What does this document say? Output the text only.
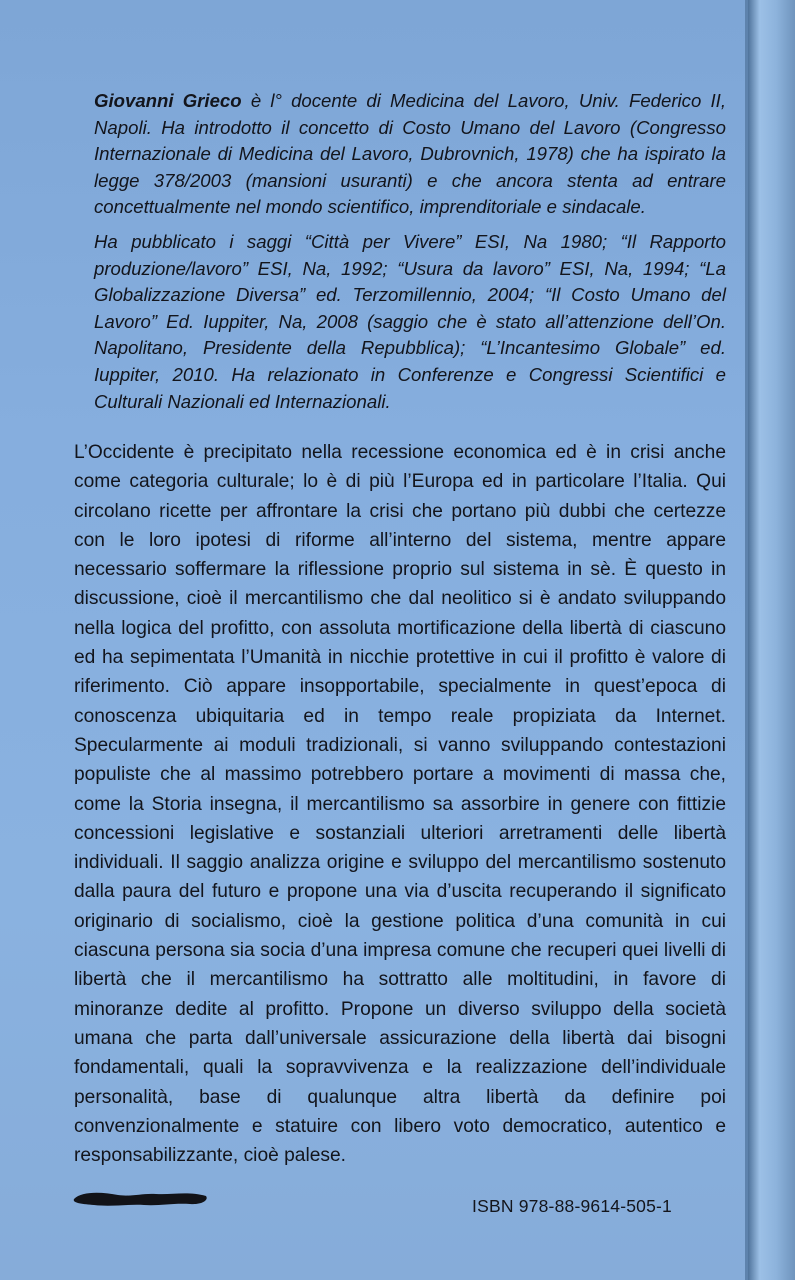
Giovanni Grieco è l° docente di Medicina del Lavoro, Univ. Federico II, Napoli. Ha introdotto il concetto di Costo Umano del Lavoro (Congresso Internazionale di Medicina del Lavoro, Dubrovnich, 1978) che ha ispirato la legge 378/2003 (mansioni usuranti) e che ancora stenta ad entrare concettualmente nel mondo scientifico, imprenditoriale e sindacale.

Ha pubblicato i saggi “Città per Vivere” ESI, Na 1980; “Il Rapporto produzione/lavoro” ESI, Na, 1992; “Usura da lavoro” ESI, Na, 1994; “La Globalizzazione Diversa” ed. Terzomillennio, 2004; “Il Costo Umano del Lavoro” Ed. Iuppiter, Na, 2008 (saggio che è stato all’attenzione dell’On. Napolitano, Presidente della Repubblica); “L’Incantesimo Globale” ed. Iuppiter, 2010. Ha relazionato in Conferenze e Congressi Scientifici e Culturali Nazionali ed Internazionali.

L’Occidente è precipitato nella recessione economica ed è in crisi anche come categoria culturale; lo è di più l’Europa ed in particolare l’Italia. Qui circolano ricette per affrontare la crisi che portano più dubbi che certezze con le loro ipotesi di riforme all’interno del sistema, mentre appare necessario soffermare la riflessione proprio sul sistema in sè. È questo in discussione, cioè il mercantilismo che dal neolitico si è andato sviluppando nella logica del profitto, con assoluta mortificazione della libertà di ciascuno ed ha sepimentata l’Umanità in nicchie protettive in cui il profitto è valore di riferimento. Ciò appare insopportabile, specialmente in quest’epoca di conoscenza ubiquitaria ed in tempo reale propiziata da Internet. Specularmente ai moduli tradizionali, si vanno sviluppando contestazioni populiste che al massimo potrebbero portare a movimenti di massa che, come la Storia insegna, il mercantilismo sa assorbire in genere con fittizie concessioni legislative e sostanziali ulteriori arretramenti delle libertà individuali. Il saggio analizza origine e sviluppo del mercantilismo sostenuto dalla paura del futuro e propone una via d’uscita recuperando il significato originario di socialismo, cioè la gestione politica d’una comunità in cui ciascuna persona sia socia d’una impresa comune che recuperi quei livelli di libertà che il mercantilismo ha sottratto alle moltitudini, in favore di minoranze dedite al profitto. Propone un diverso sviluppo della società umana che parta dall’universale assicurazione della libertà dai bisogni fondamentali, quali la sopravvivenza e la realizzazione dell’individuale personalità, base di qualunque altra libertà da definire poi convenzionalmente e statuire con libero voto democratico, autentico e responsabilizzante, cioè palese.

ISBN 978-88-9614-505-1
